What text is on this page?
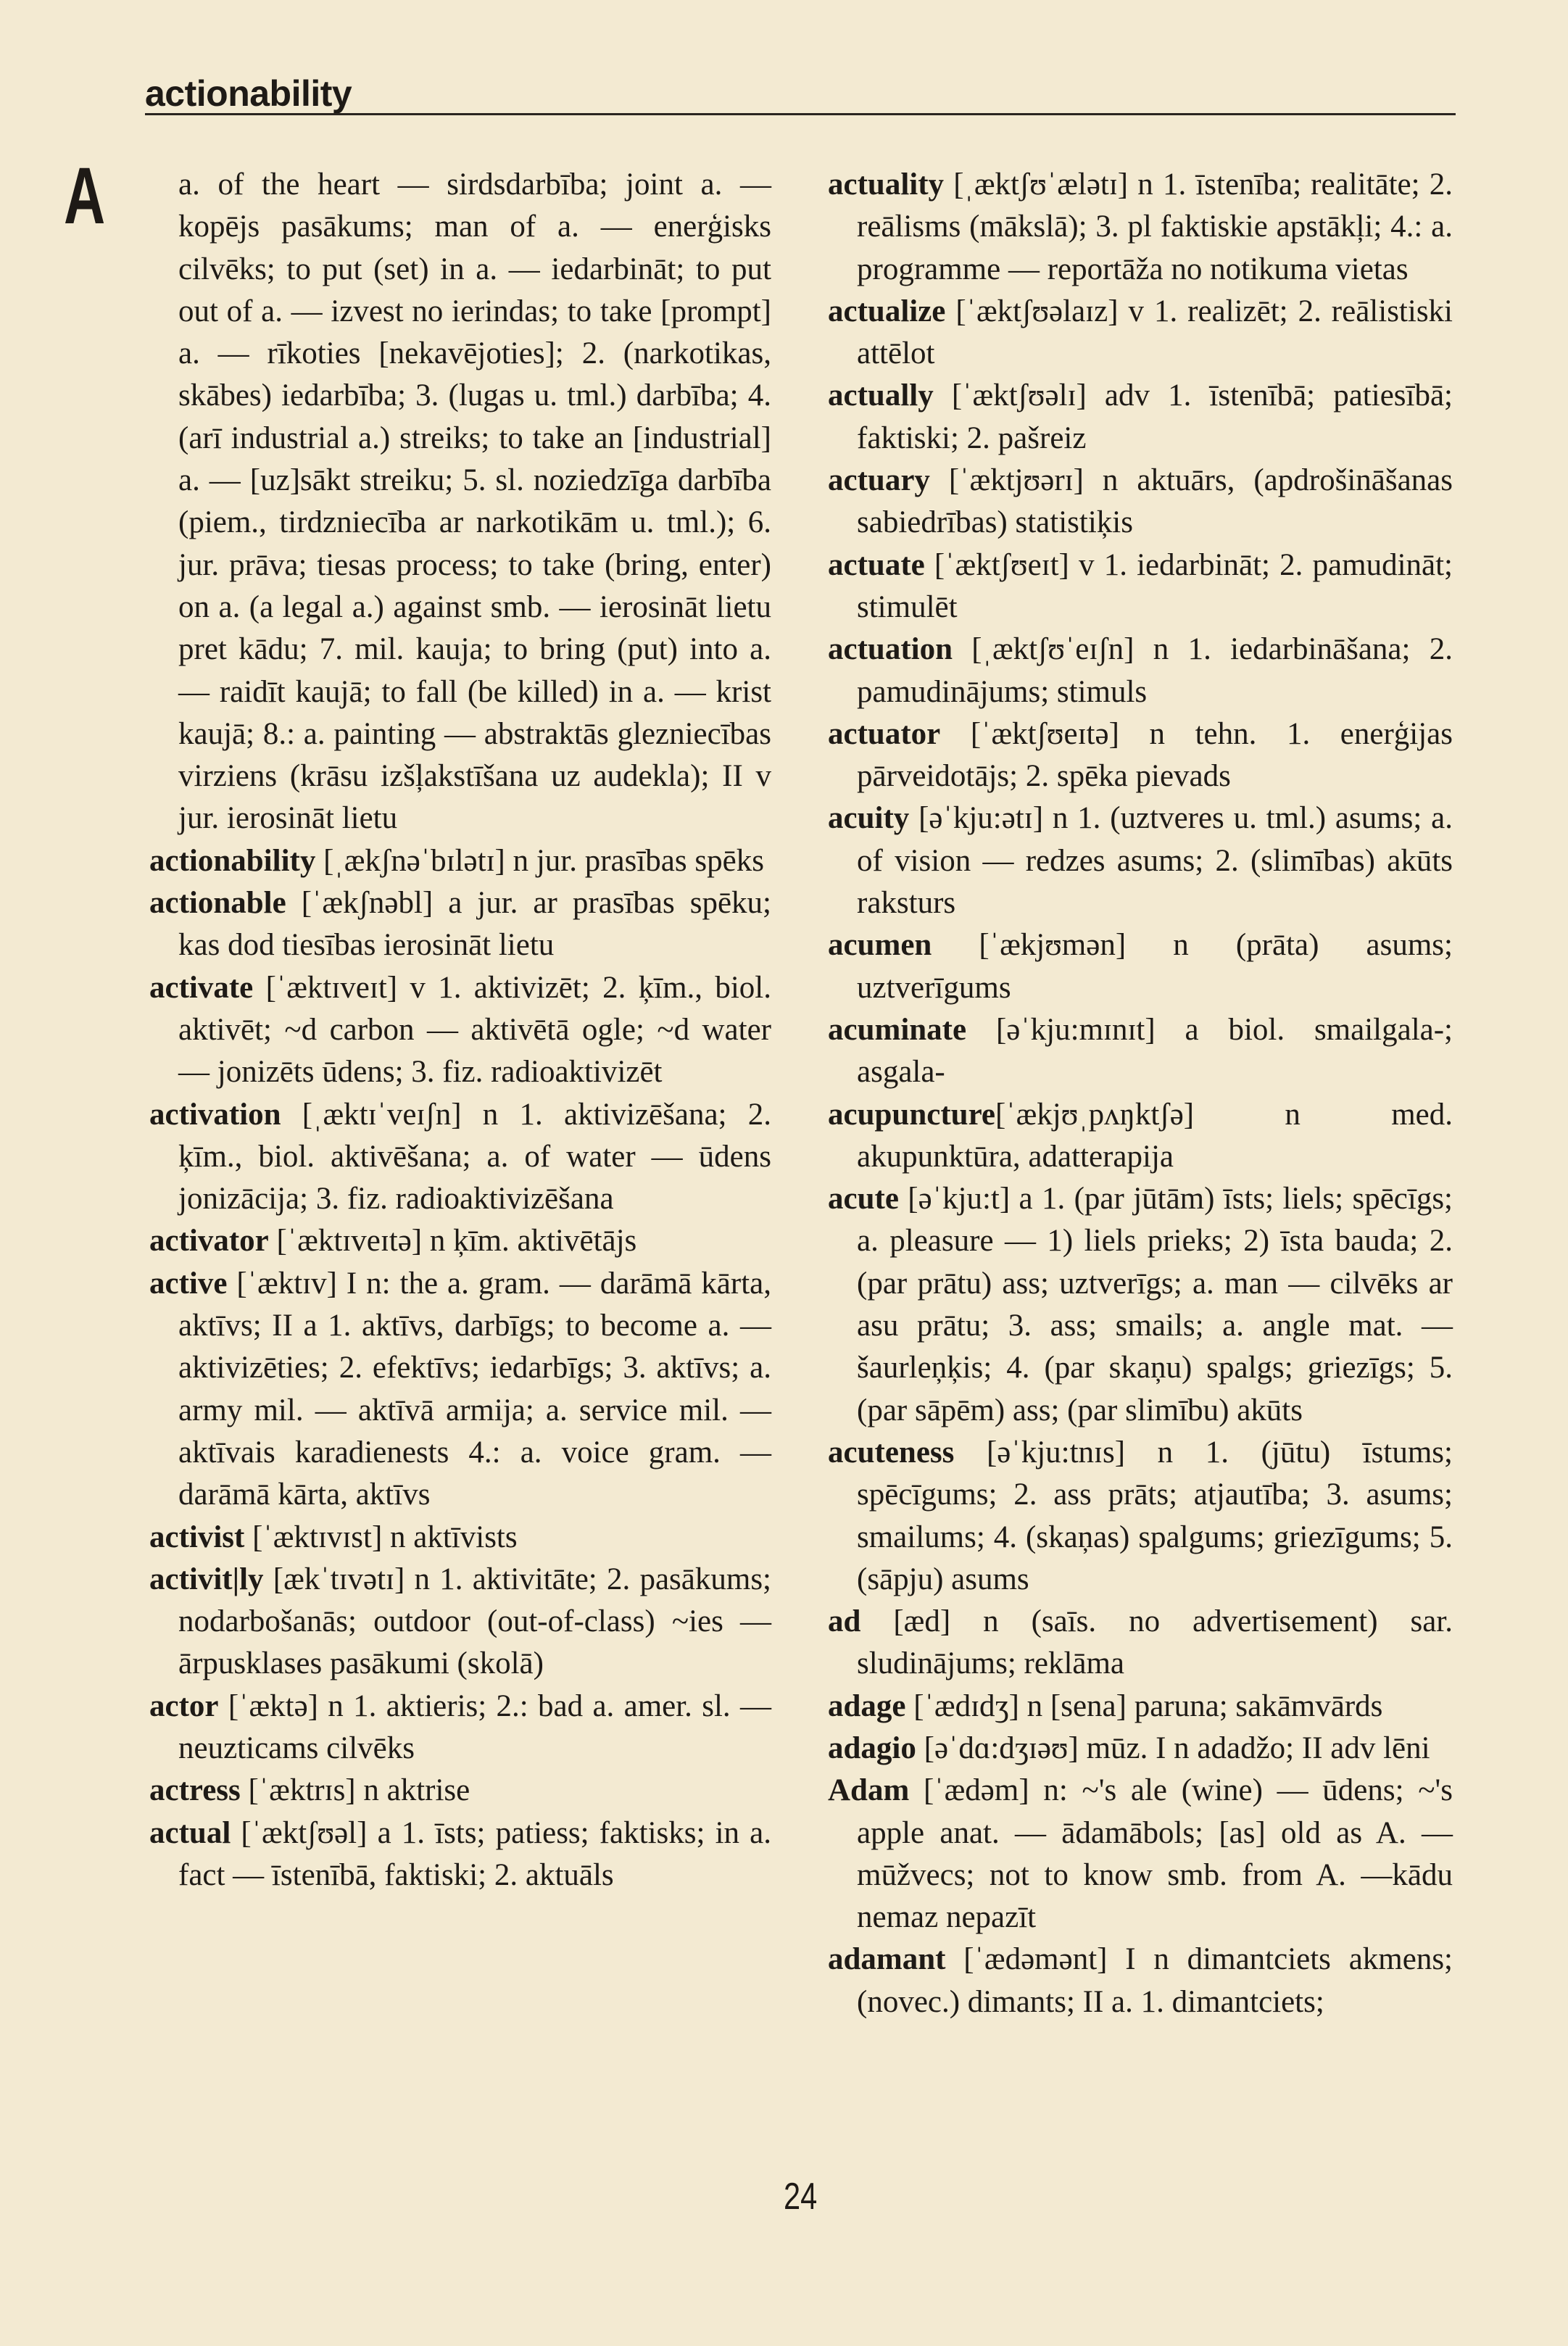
actionability
A	a. of the heart — sirdsdarbība; joint a. — kopējs pasākums; man of a. — enerģisks cilvēks; to put (set) in a. — iedarbināt; to put out of a. — izvest no ierindas; to take [prompt] a. — rīkoties [nekavējoties]; 2. (narkotikas, skābes) iedarbība; 3. (lugas u. tml.) darbība; 4. (arī industrial a.) streiks; to take an [industrial] a. — [uz]sākt streiku; 5. sl. noziedzīga darbība (piem., tirdzniecība ar narkotikām u. tml.); 6. jur. prāva; tiesas process; to take (bring, enter) on a. (a legal a.) against smb. — ierosināt lietu pret kādu; 7. mil. kauja; to bring (put) into a. — raidīt kaujā; to fall (be killed) in a. — krist kaujā; 8.: a. painting — abstraktās glezniecības virziens (krāsu izšļakstīšana uz audekla); II v jur. ierosināt lietu
actionability [ˌækʃnəˈbɪlətɪ] n jur. prasības spēks
actionable [ˈækʃnəbl] a jur. ar prasības spēku; kas dod tiesības ierosināt lietu
activate [ˈæktɪveɪt] v 1. aktivizēt; 2. ķīm., biol. aktivēt; ~d carbon — aktivētā ogle; ~d water — jonizēts ūdens; 3. fiz. radioaktivizēt
activation [ˌæktɪˈveɪʃn] n 1. aktivizēšana; 2. ķīm., biol. aktivēšana; a. of water — ūdens jonizācija; 3. fiz. radioaktivizēšana
activator [ˈæktɪveɪtə] n ķīm. aktivētājs
active [ˈæktɪv] I n: the a. gram. — darāmā kārta, aktīvs; II a 1. aktīvs, darbīgs; to become a. — aktivizēties; 2. efektīvs; iedarbīgs; 3. aktīvs; a. army mil. — aktīvā armija; a. service mil. — aktīvais karadienests 4.: a. voice gram. — darāmā kārta, aktīvs
activist [ˈæktɪvɪst] n aktīvists
activit|ly [ækˈtɪvətɪ] n 1. aktivitāte; 2. pasākums; nodarbošanās; outdoor (out-of-class) ~ies — ārpusklases pasākumi (skolā)
actor [ˈæktə] n 1. aktieris; 2.: bad a. amer. sl. — neuzticams cilvēks
actress [ˈæktrɪs] n aktrise
actual [ˈæktʃʊəl] a 1. īsts; patiess; faktisks; in a. fact — īstenībā, faktiski; 2. aktuāls
actuality [ˌæktʃʊˈælətɪ] n 1. īstenība; realitāte; 2. reālisms (mākslā); 3. pl faktiskie apstākļi; 4.: a. programme — reportāža no notikuma vietas
actualize [ˈæktʃʊəlaɪz] v 1. realizēt; 2. reālistiski attēlot
actually [ˈæktʃʊəlɪ] adv 1. īstenībā; patiesībā; faktiski; 2. pašreiz
actuary [ˈæktjʊərɪ] n aktuārs, (apdrošināšanas sabiedrības) statistiķis
actuate [ˈæktʃʊeɪt] v 1. iedarbināt; 2. pamudināt; stimulēt
actuation [ˌæktʃʊˈeɪʃn] n 1. iedarbināšana; 2. pamudinājums; stimuls
actuator [ˈæktʃʊeɪtə] n tehn. 1. enerģijas pārveidotājs; 2. spēka pievads
acuity [əˈkju:ətɪ] n 1. (uztveres u. tml.) asums; a. of vision — redzes asums; 2. (slimības) akūts raksturs
acumen [ˈækjʊmən] n (prāta) asums; uztverīgums
acuminate [əˈkju:mɪnɪt] a biol. smailgala-; asgala-
acupuncture[ˈækjʊˌpʌŋktʃə] n med. akupunktūra, adatterapija
acute [əˈkju:t] a 1. (par jūtām) īsts; liels; spēcīgs; a. pleasure — 1) liels prieks; 2) īsta bauda; 2. (par prātu) ass; uztverīgs; a. man — cilvēks ar asu prātu; 3. ass; smails; a. angle mat. — šaurleņķis; 4. (par skaņu) spalgs; griezīgs; 5. (par sāpēm) ass; (par slimību) akūts
acuteness [əˈkju:tnɪs] n 1. (jūtu) īstums; spēcīgums; 2. ass prāts; atjautība; 3. asums; smailums; 4. (skaņas) spalgums; griezīgums; 5. (sāpju) asums
ad [æd] n (saīs. no advertisement) sar. sludinājums; reklāma
adage [ˈædɪdʒ] n [sena] paruna; sakāmvārds
adagio [əˈdɑ:dʒɪəʊ] mūz. I n adadžo; II adv lēni
Adam [ˈædəm] n: ~'s ale (wine) — ūdens; ~'s apple anat. — ādamābols; [as] old as A. — mūžvecs; not to know smb. from A. —kādu nemaz nepazīt
adamant [ˈædəmənt] I n dimantciets akmens; (novec.) dimants; II a. 1. dimantciets;
24
